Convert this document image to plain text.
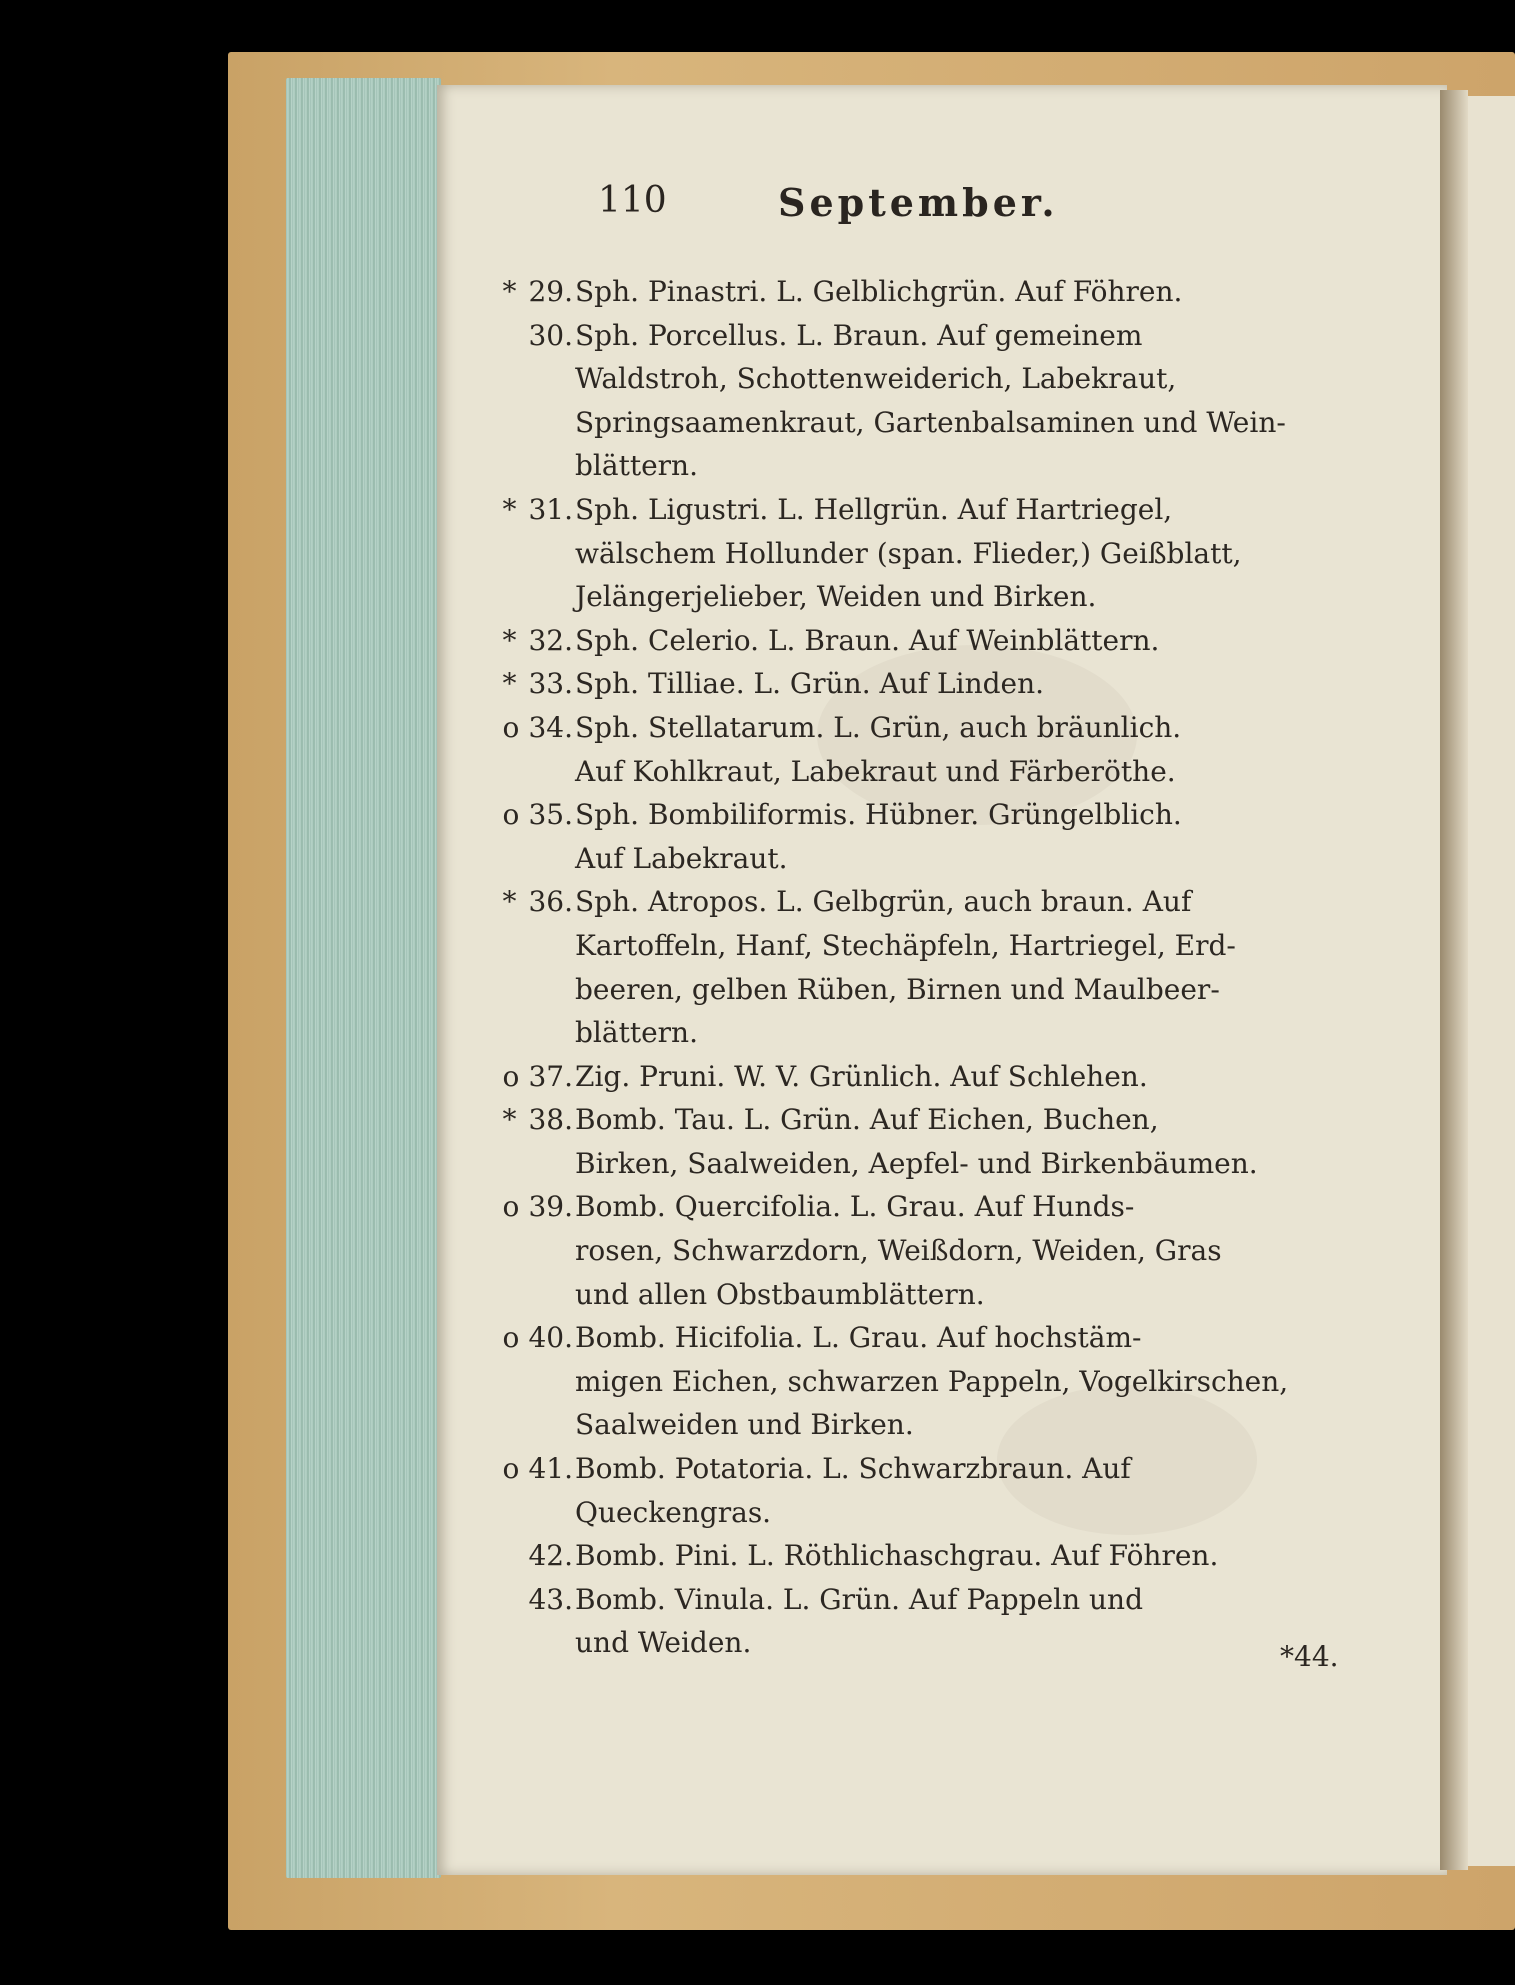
110	September.
* 29. Sph. Pinastri. L. Gelblichgrün. Auf Föhren.
30. Sph. Porcellus. L. Braun. Auf gemeinem
Waldstroh, Schottenweiderich, Labekraut,
Springsaamenkraut, Gartenbalsaminen und Wein-
blättern.
* 31. Sph. Ligustri. L. Hellgrün. Auf Hartriegel,
wälschem Hollunder (span. Flieder,) Geißblatt,
Jelängerjelieber, Weiden und Birken.
* 32. Sph. Celerio. L. Braun. Auf Weinblättern.
* 33. Sph. Tilliae. L. Grün. Auf Linden.
o 34. Sph. Stellatarum. L. Grün, auch bräunlich.
Auf Kohlkraut, Labekraut und Färberöthe.
o 35. Sph. Bombiliformis. Hübner. Grüngelblich.
Auf Labekraut.
* 36. Sph. Atropos. L. Gelbgrün, auch braun. Auf
Kartoffeln, Hanf, Stechäpfeln, Hartriegel, Erd-
beeren, gelben Rüben, Birnen und Maulbeer-
blättern.
o 37. Zig. Pruni. W. V. Grünlich. Auf Schlehen.
* 38. Bomb. Tau. L. Grün. Auf Eichen, Buchen,
Birken, Saalweiden, Aepfel- und Birkenbäumen.
o 39. Bomb. Quercifolia. L. Grau. Auf Hunds-
rosen, Schwarzdorn, Weißdorn, Weiden, Gras
und allen Obstbaumblättern.
o 40. Bomb. Hicifolia. L. Grau. Auf hochstäm-
migen Eichen, schwarzen Pappeln, Vogelkirschen,
Saalweiden und Birken.
o 41. Bomb. Potatoria. L. Schwarzbraun. Auf
Queckengras.
42. Bomb. Pini. L. Röthlichaschgrau. Auf Föhren.
43. Bomb. Vinula. L. Grün. Auf Pappeln und
und Weiden.	*44.
